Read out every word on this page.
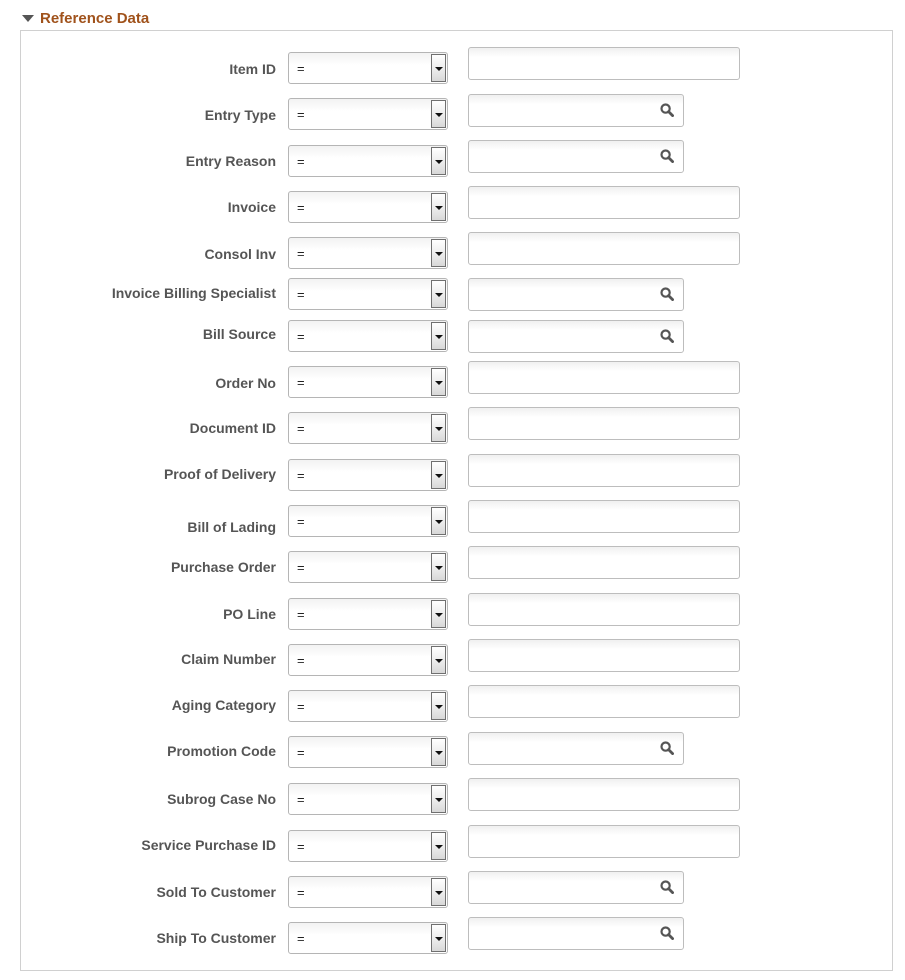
Reference Data
Item ID =
Entry Type =
Entry Reason =
Invoice =
Consol Inv =
Invoice Billing Specialist =
Bill Source =
Order No =
Document ID =
Proof of Delivery =
Bill of Lading =
Purchase Order =
PO Line =
Claim Number =
Aging Category =
Promotion Code =
Subrog Case No =
Service Purchase ID =
Sold To Customer =
Ship To Customer =
